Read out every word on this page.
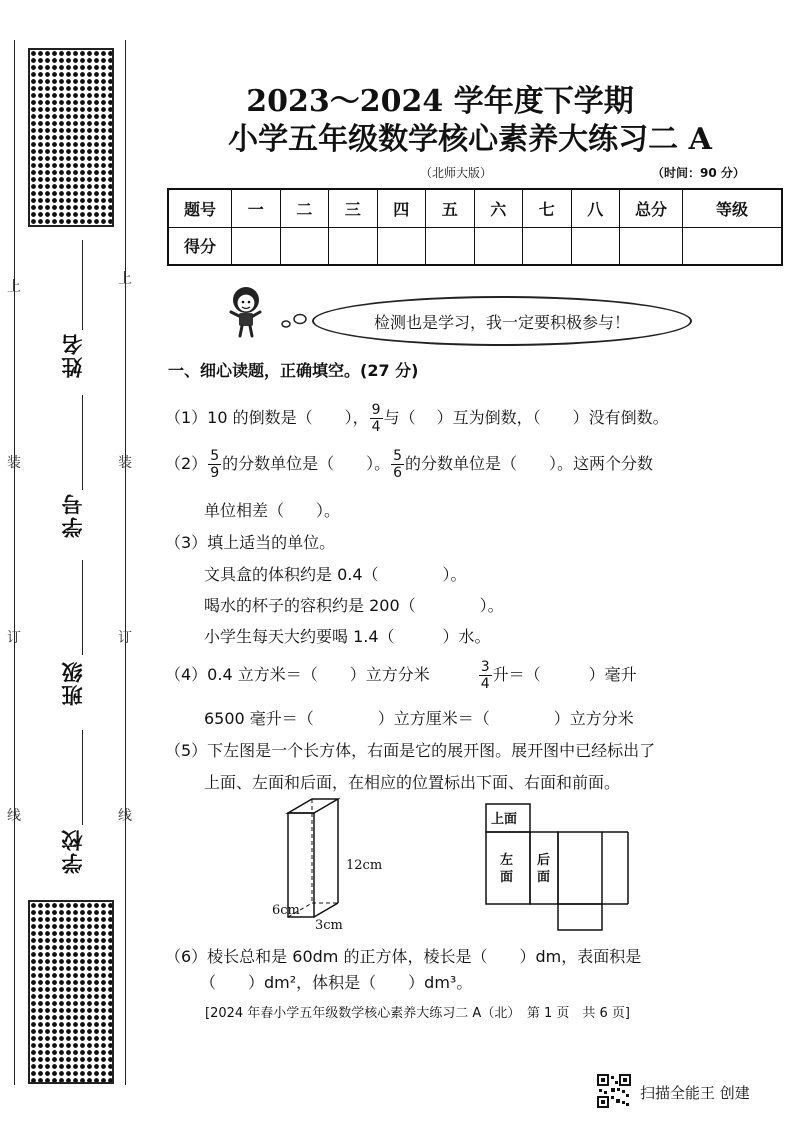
上
装
订
线
上
装
订
线
姓名
学号
班级
学校
2023～2024 学年度下学期
小学五年级数学核心素养大练习二 A
（北师大版）	（时间：90 分）
题号	一	二	三	四	五	六	七	八	总分	等级
得分										
检测也是学习，我一定要积极参与！
一、细心读题，正确填空。(27 分)
（1）10 的倒数是（　　）， $\frac{9}{4}$ 与（　 ）互为倒数，（　　）没有倒数。
$(2) \frac{5}{9}$ 的分数单位是（　　）。 $\frac{5}{6}$ 的分数单位是（　　）。这两个分数
单位相差（　　）。
（3）填上适当的单位。
文具盒的体积约是 0.4（　　　　）。
喝水的杯子的容积约是 200（　　　　）。
小学生每天大约要喝 1.4（　　　）水。
（4）0.4 立方米＝（　　）立方分米	$\frac{3}{4}$ 升＝（　　　）毫升
6500 毫升＝（　　　　）立方厘米＝（　　　　）立方分米
（5）下左图是一个长方体，右面是它的展开图。展开图中已经标出了
上面、左面和后面，在相应的位置标出下面、右面和前面。
12cm
6cm
3cm
上面
左面
后面
（6）棱长总和是 60dm 的正方体，棱长是（　　）dm，表面积是
（　　）dm²，体积是（　　）dm³。
[2024 年春小学五年级数学核心素养大练习二 A（北）　第 1 页　共 6 页]
扫描全能王 创建
